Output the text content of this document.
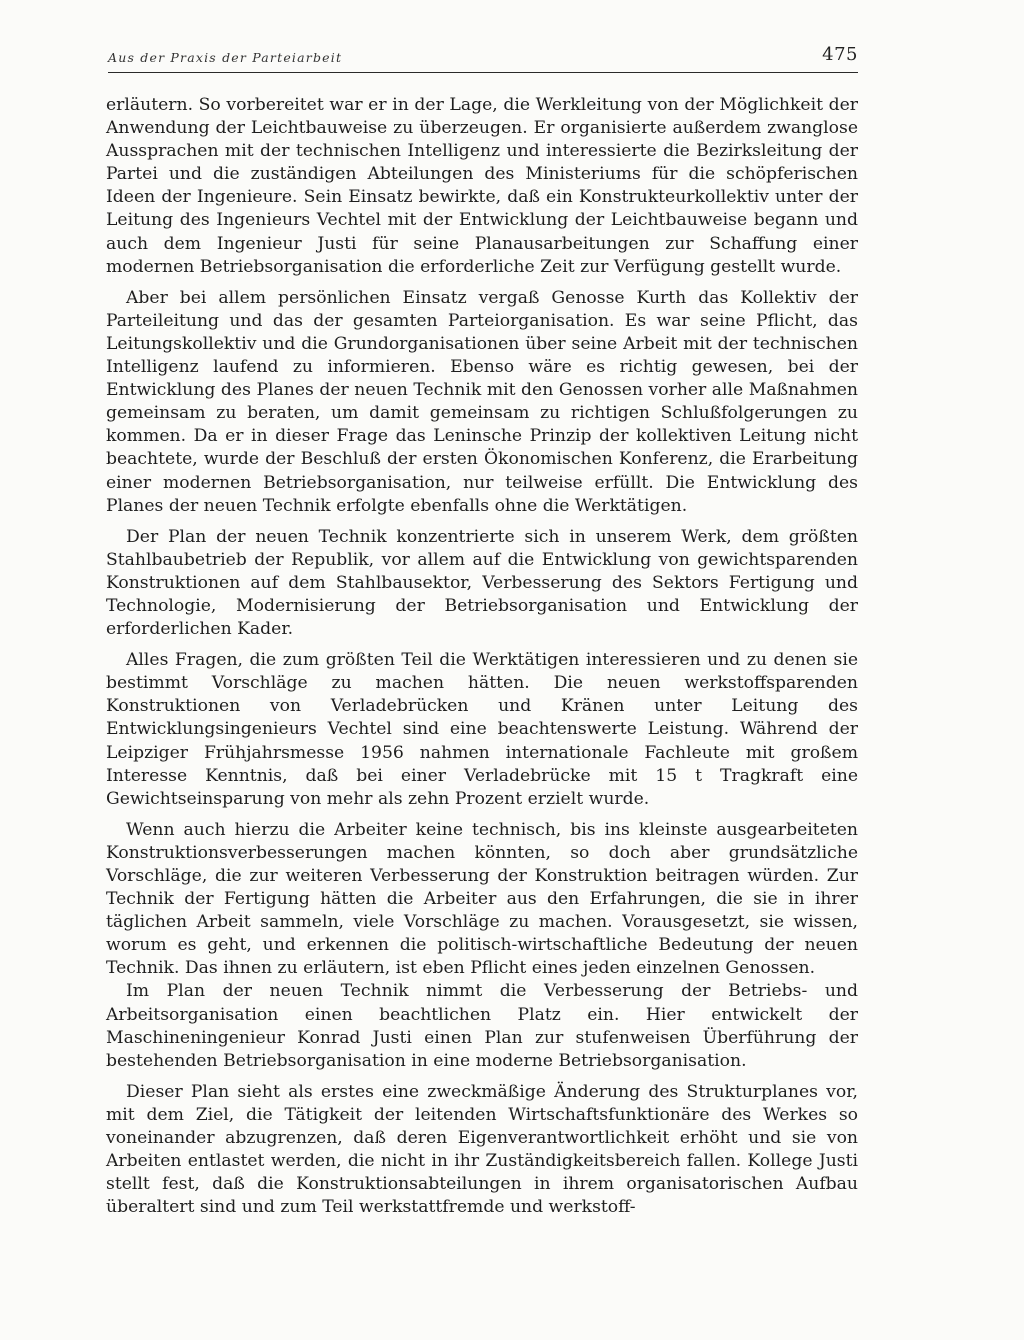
Aus der Praxis der Parteiarbeit	475

erläutern. So vorbereitet war er in der Lage, die Werkleitung von der Möglichkeit der Anwendung der Leichtbauweise zu überzeugen. Er organisierte außerdem zwanglose Aussprachen mit der technischen Intelligenz und interessierte die Bezirksleitung der Partei und die zuständigen Abteilungen des Ministeriums für die schöpferischen Ideen der Ingenieure. Sein Einsatz bewirkte, daß ein Konstrukteurkollektiv unter der Leitung des Ingenieurs Vechtel mit der Entwicklung der Leichtbauweise begann und auch dem Ingenieur Justi für seine Planausarbeitungen zur Schaffung einer modernen Betriebsorganisation die erforderliche Zeit zur Verfügung gestellt wurde.

Aber bei allem persönlichen Einsatz vergaß Genosse Kurth das Kollektiv der Parteileitung und das der gesamten Parteiorganisation. Es war seine Pflicht, das Leitungskollektiv und die Grundorganisationen über seine Arbeit mit der technischen Intelligenz laufend zu informieren. Ebenso wäre es richtig gewesen, bei der Entwicklung des Planes der neuen Technik mit den Genossen vorher alle Maßnahmen gemeinsam zu beraten, um damit gemeinsam zu richtigen Schlußfolgerungen zu kommen. Da er in dieser Frage das Leninsche Prinzip der kollektiven Leitung nicht beachtete, wurde der Beschluß der ersten Ökonomischen Konferenz, die Erarbeitung einer modernen Betriebsorganisation, nur teilweise erfüllt. Die Entwicklung des Planes der neuen Technik erfolgte ebenfalls ohne die Werktätigen.

Der Plan der neuen Technik konzentrierte sich in unserem Werk, dem größten Stahlbaubetrieb der Republik, vor allem auf die Entwicklung von gewichtsparenden Konstruktionen auf dem Stahlbausektor, Verbesserung des Sektors Fertigung und Technologie, Modernisierung der Betriebsorganisation und Entwicklung der erforderlichen Kader.

Alles Fragen, die zum größten Teil die Werktätigen interessieren und zu denen sie bestimmt Vorschläge zu machen hätten. Die neuen werkstoffsparenden Konstruktionen von Verladebrücken und Kränen unter Leitung des Entwicklungsingenieurs Vechtel sind eine beachtenswerte Leistung. Während der Leipziger Frühjahrsmesse 1956 nahmen internationale Fachleute mit großem Interesse Kenntnis, daß bei einer Verladebrücke mit 15 t Tragkraft eine Gewichtseinsparung von mehr als zehn Prozent erzielt wurde.

Wenn auch hierzu die Arbeiter keine technisch, bis ins kleinste ausgearbeiteten Konstruktionsverbesserungen machen könnten, so doch aber grundsätzliche Vorschläge, die zur weiteren Verbesserung der Konstruktion beitragen würden. Zur Technik der Fertigung hätten die Arbeiter aus den Erfahrungen, die sie in ihrer täglichen Arbeit sammeln, viele Vorschläge zu machen. Vorausgesetzt, sie wissen, worum es geht, und erkennen die politisch-wirtschaftliche Bedeutung der neuen Technik. Das ihnen zu erläutern, ist eben Pflicht eines jeden einzelnen Genossen.

Im Plan der neuen Technik nimmt die Verbesserung der Betriebs- und Arbeitsorganisation einen beachtlichen Platz ein. Hier entwickelt der Maschineningenieur Konrad Justi einen Plan zur stufenweisen Überführung der bestehenden Betriebsorganisation in eine moderne Betriebsorganisation.

Dieser Plan sieht als erstes eine zweckmäßige Änderung des Strukturplanes vor, mit dem Ziel, die Tätigkeit der leitenden Wirtschaftsfunktionäre des Werkes so voneinander abzugrenzen, daß deren Eigenverantwortlichkeit erhöht und sie von Arbeiten entlastet werden, die nicht in ihr Zuständigkeitsbereich fallen. Kollege Justi stellt fest, daß die Konstruktionsabteilungen in ihrem organisatorischen Aufbau überaltert sind und zum Teil werkstattfremde und werkstoff-
